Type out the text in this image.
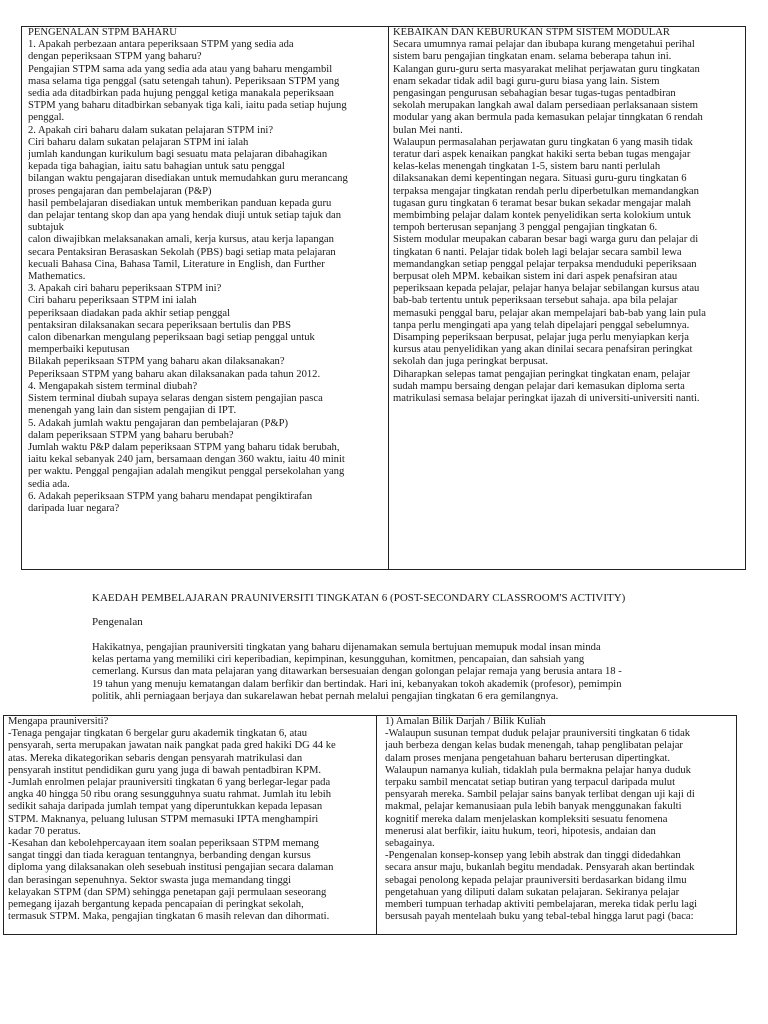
PENGENALAN STPM BAHARU
1. Apakah perbezaan antara peperiksaan STPM yang sedia ada
dengan peperiksaan STPM yang baharu?
Pengajian STPM sama ada yang sedia ada atau yang baharu mengambil
masa selama tiga penggal (satu setengah tahun). Peperiksaan STPM yang
sedia ada ditadbirkan pada hujung penggal ketiga manakala peperiksaan
STPM yang baharu ditadbirkan sebanyak tiga kali, iaitu pada setiap hujung
penggal.
2. Apakah ciri baharu dalam sukatan pelajaran STPM ini?
Ciri baharu dalam sukatan pelajaran STPM ini ialah
jumlah kandungan kurikulum bagi sesuatu mata pelajaran dibahagikan
kepada tiga bahagian, iaitu satu bahagian untuk satu penggal
bilangan waktu pengajaran disediakan untuk memudahkan guru merancang
proses pengajaran dan pembelajaran (P&P)
hasil pembelajaran disediakan untuk memberikan panduan kepada guru
dan pelajar tentang skop dan apa yang hendak diuji untuk setiap tajuk dan
subtajuk
calon diwajibkan melaksanakan amali, kerja kursus, atau kerja lapangan
secara Pentaksiran Berasaskan Sekolah (PBS) bagi setiap mata pelajaran
kecuali Bahasa Cina, Bahasa Tamil, Literature in English, dan Further
Mathematics.
3. Apakah ciri baharu peperiksaan STPM ini?
Ciri baharu peperiksaan STPM ini ialah
peperiksaan diadakan pada akhir setiap penggal
pentaksiran dilaksanakan secara peperiksaan bertulis dan PBS
calon dibenarkan mengulang peperiksaan bagi setiap penggal untuk
memperbaiki keputusan
Bilakah peperiksaan STPM yang baharu akan dilaksanakan?
Peperiksaan STPM yang baharu akan dilaksanakan pada tahun 2012.
4. Mengapakah sistem terminal diubah?
Sistem terminal diubah supaya selaras dengan sistem pengajian pasca
menengah yang lain dan sistem pengajian di IPT.
5. Adakah jumlah waktu pengajaran dan pembelajaran (P&P)
dalam peperiksaan STPM yang baharu berubah?
Jumlah waktu P&P dalam peperiksaan STPM yang baharu tidak berubah,
iaitu kekal sebanyak 240 jam, bersamaan dengan 360 waktu, iaitu 40 minit
per waktu. Penggal pengajian adalah mengikut penggal persekolahan yang
sedia ada.
6. Adakah peperiksaan STPM yang baharu mendapat pengiktirafan
daripada luar negara?
KEBAIKAN DAN KEBURUKAN STPM SISTEM MODULAR
Secara umumnya ramai pelajar dan ibubapa kurang mengetahui perihal
sistem baru pengajian tingkatan enam. selama beberapa tahun ini.
Kalangan guru-guru serta masyarakat melihat perjawatan guru tingkatan
enam sekadar tidak adil bagi guru-guru biasa yang lain. Sistem
pengasingan pengurusan sebahagian besar tugas-tugas pentadbiran
sekolah merupakan langkah awal dalam persediaan perlaksanaan sistem
modular yang akan bermula pada kemasukan pelajar tinngkatan 6 rendah
bulan Mei nanti.
Walaupun permasalahan perjawatan guru tingkatan 6 yang masih tidak
teratur dari aspek kenaikan pangkat hakiki serta beban tugas mengajar
kelas-kelas menengah tingkatan 1-5, sistem baru nanti perlulah
dilaksanakan demi kepentingan negara. Situasi guru-guru tingkatan 6
terpaksa mengajar tingkatan rendah perlu diperbetulkan memandangkan
tugasan guru tingkatan 6 teramat besar bukan sekadar mengajar malah
membimbing pelajar dalam kontek penyelidikan serta kolokium untuk
tempoh berterusan sepanjang 3 penggal pengajian tingkatan 6.
Sistem modular meupakan cabaran besar bagi warga guru dan pelajar di
tingkatan 6 nanti. Pelajar tidak boleh lagi belajar secara sambil lewa
memandangkan setiap penggal pelajar terpaksa menduduki peperiksaan
berpusat oleh MPM. kebaikan sistem ini dari aspek penafsiran atau
peperiksaan kepada pelajar, pelajar hanya belajar sebilangan kursus atau
bab-bab tertentu untuk peperiksaan tersebut sahaja. apa bila pelajar
memasuki penggal baru, pelajar akan mempelajari bab-bab yang lain pula
tanpa perlu mengingati apa yang telah dipelajari penggal sebelumnya.
Disamping peperiksaan berpusat, pelajar juga perlu menyiapkan kerja
kursus atau penyelidikan yang akan dinilai secara penafsiran peringkat
sekolah dan juga peringkat berpusat.
Diharapkan selepas tamat pengajian peringkat tingkatan enam, pelajar
sudah mampu bersaing dengan pelajar dari kemasukan diploma serta
matrikulasi semasa belajar peringkat ijazah di universiti-universiti nanti.
KAEDAH PEMBELAJARAN PRAUNIVERSITI TINGKATAN 6 (POST-SECONDARY CLASSROOM'S ACTIVITY)
Pengenalan
Hakikatnya, pengajian prauniversiti tingkatan yang baharu dijenamakan semula bertujuan memupuk modal insan minda
kelas pertama yang memiliki ciri keperibadian, kepimpinan, kesungguhan, komitmen, pencapaian, dan sahsiah yang
cemerlang. Kursus dan mata pelajaran yang ditawarkan bersesuaian dengan golongan pelajar remaja yang berusia antara 18 -
19 tahun yang menuju kematangan dalam berfikir dan bertindak. Hari ini, kebanyakan tokoh akademik (profesor), pemimpin
politik, ahli perniagaan berjaya dan sukarelawan hebat pernah melalui pengajian tingkatan 6 era gemilangnya.
Mengapa prauniversiti?
-Tenaga pengajar tingkatan 6 bergelar guru akademik tingkatan 6, atau
pensyarah, serta merupakan jawatan naik pangkat pada gred hakiki DG 44 ke
atas. Mereka dikategorikan sebaris dengan pensyarah matrikulasi dan
pensyarah institut pendidikan guru yang juga di bawah pentadbiran KPM.
-Jumlah enrolmen pelajar prauniversiti tingkatan 6 yang berlegar-legar pada
angka 40 hingga 50 ribu orang sesungguhnya suatu rahmat. Jumlah itu lebih
sedikit sahaja daripada jumlah tempat yang diperuntukkan kepada lepasan
STPM. Maknanya, peluang lulusan STPM memasuki IPTA menghampiri
kadar 70 peratus.
-Kesahan dan kebolehpercayaan item soalan peperiksaan STPM memang
sangat tinggi dan tiada keraguan tentangnya, berbanding dengan kursus
diploma yang dilaksanakan oleh sesebuah institusi pengajian secara dalaman
dan berasingan sepenuhnya. Sektor swasta juga memandang tinggi
kelayakan STPM (dan SPM) sehingga penetapan gaji permulaan seseorang
pemegang ijazah bergantung kepada pencapaian di peringkat sekolah,
termasuk STPM. Maka, pengajian tingkatan 6 masih relevan dan dihormati.
1) Amalan Bilik Darjah / Bilik Kuliah
-Walaupun susunan tempat duduk pelajar prauniversiti tingkatan 6 tidak
jauh berbeza dengan kelas budak menengah, tahap penglibatan pelajar
dalam proses menjana pengetahuan baharu berterusan dipertingkat.
Walaupun namanya kuliah, tidaklah pula bermakna pelajar hanya duduk
terpaku sambil mencatat setiap butiran yang terpacul daripada mulut
pensyarah mereka. Sambil pelajar sains banyak terlibat dengan uji kaji di
makmal, pelajar kemanusiaan pula lebih banyak menggunakan fakulti
kognitif mereka dalam menjelaskan kompleksiti sesuatu fenomena
menerusi alat berfikir, iaitu hukum, teori, hipotesis, andaian dan
sebagainya.
-Pengenalan konsep-konsep yang lebih abstrak dan tinggi didedahkan
secara ansur maju, bukanlah begitu mendadak. Pensyarah akan bertindak
sebagai penolong kepada pelajar prauniversiti berdasarkan bidang ilmu
pengetahuan yang diliputi dalam sukatan pelajaran. Sekiranya pelajar
memberi tumpuan terhadap aktiviti pembelajaran, mereka tidak perlu lagi
bersusah payah mentelaah buku yang tebal-tebal hingga larut pagi (baca:
